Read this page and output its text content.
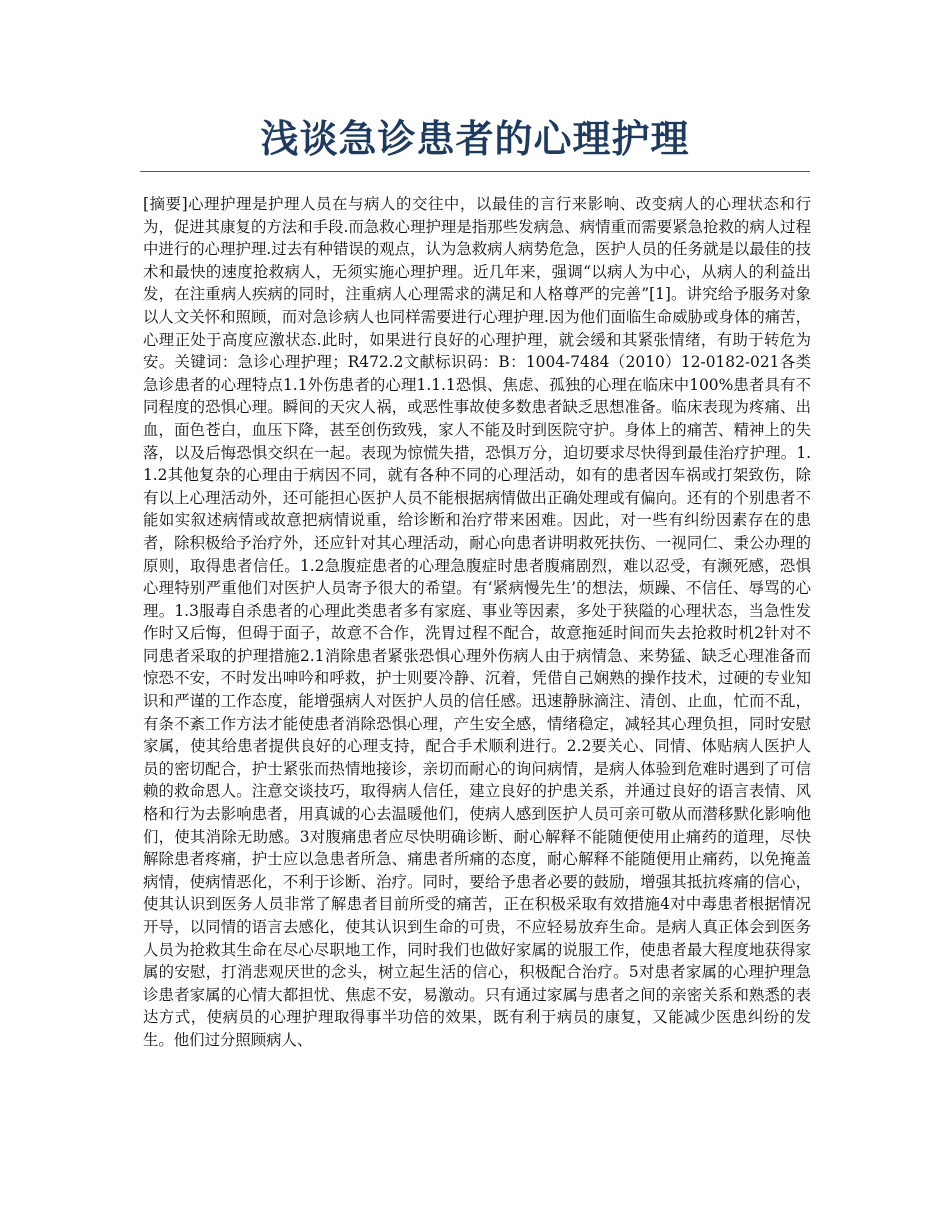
浅谈急诊患者的心理护理

[摘要]心理护理是护理人员在与病人的交往中，以最佳的言行来影响、改变病人的心理状态和行为，促进其康复的方法和手段.而急救心理护理是指那些发病急、病情重而需要紧急抢救的病人过程中进行的心理护理.过去有种错误的观点，认为急救病人病势危急，医护人员的任务就是以最佳的技术和最快的速度抢救病人，无须实施心理护理。近几年来，强调“以病人为中心，从病人的利益出发，在注重病人疾病的同时，注重病人心理需求的满足和人格尊严的完善”[1]。讲究给予服务对象以人文关怀和照顾，而对急诊病人也同样需要进行心理护理.因为他们面临生命威胁或身体的痛苦，心理正处于高度应激状态.此时，如果进行良好的心理护理，就会缓和其紧张情绪，有助于转危为安。关键词：急诊心理护理；R472.2文献标识码：B：1004-7484（2010）12-0182-021各类急诊患者的心理特点1.1外伤患者的心理1.1.1恐惧、焦虑、孤独的心理在临床中100%患者具有不同程度的恐惧心理。瞬间的天灾人祸，或恶性事故使多数患者缺乏思想准备。临床表现为疼痛、出血，面色苍白，血压下降，甚至创伤致残，家人不能及时到医院守护。身体上的痛苦、精神上的失落，以及后悔恐惧交织在一起。表现为惊慌失措，恐惧万分，迫切要求尽快得到最佳治疗护理。1.1.2其他复杂的心理由于病因不同，就有各种不同的心理活动，如有的患者因车祸或打架致伤，除有以上心理活动外，还可能担心医护人员不能根据病情做出正确处理或有偏向。还有的个别患者不能如实叙述病情或故意把病情说重，给诊断和治疗带来困难。因此，对一些有纠纷因素存在的患者，除积极给予治疗外，还应针对其心理活动，耐心向患者讲明救死扶伤、一视同仁、秉公办理的原则，取得患者信任。1.2急腹症患者的心理急腹症时患者腹痛剧烈，难以忍受，有濒死感，恐惧心理特别严重他们对医护人员寄予很大的希望。有‘紧病慢先生’的想法，烦躁、不信任、辱骂的心理。1.3服毒自杀患者的心理此类患者多有家庭、事业等因素，多处于狭隘的心理状态，当急性发作时又后悔，但碍于面子，故意不合作，洗胃过程不配合，故意拖延时间而失去抢救时机2针对不同患者采取的护理措施2.1消除患者紧张恐惧心理外伤病人由于病情急、来势猛、缺乏心理准备而惊恐不安，不时发出呻吟和呼救，护士则要冷静、沉着，凭借自己娴熟的操作技术，过硬的专业知识和严谨的工作态度，能增强病人对医护人员的信任感。迅速静脉滴注、清创、止血，忙而不乱，有条不紊工作方法才能使患者消除恐惧心理，产生安全感，情绪稳定，减轻其心理负担，同时安慰家属，使其给患者提供良好的心理支持，配合手术顺利进行。2.2要关心、同情、体贴病人医护人员的密切配合，护士紧张而热情地接诊，亲切而耐心的询问病情，是病人体验到危难时遇到了可信赖的救命恩人。注意交谈技巧，取得病人信任，建立良好的护患关系，并通过良好的语言表情、风格和行为去影响患者，用真诚的心去温暖他们，使病人感到医护人员可亲可敬从而潜移默化影响他们，使其消除无助感。3对腹痛患者应尽快明确诊断、耐心解释不能随便使用止痛药的道理，尽快解除患者疼痛，护士应以急患者所急、痛患者所痛的态度，耐心解释不能随便用止痛药，以免掩盖病情，使病情恶化，不利于诊断、治疗。同时，要给予患者必要的鼓励，增强其抵抗疼痛的信心，使其认识到医务人员非常了解患者目前所受的痛苦，正在积极采取有效措施4对中毒患者根据情况开导，以同情的语言去感化，使其认识到生命的可贵，不应轻易放弃生命。是病人真正体会到医务人员为抢救其生命在尽心尽职地工作，同时我们也做好家属的说服工作，使患者最大程度地获得家属的安慰，打消悲观厌世的念头，树立起生活的信心，积极配合治疗。5对患者家属的心理护理急诊患者家属的心情大都担忧、焦虑不安，易激动。只有通过家属与患者之间的亲密关系和熟悉的表达方式，使病员的心理护理取得事半功倍的效果，既有利于病员的康复，又能减少医患纠纷的发生。他们过分照顾病人、
